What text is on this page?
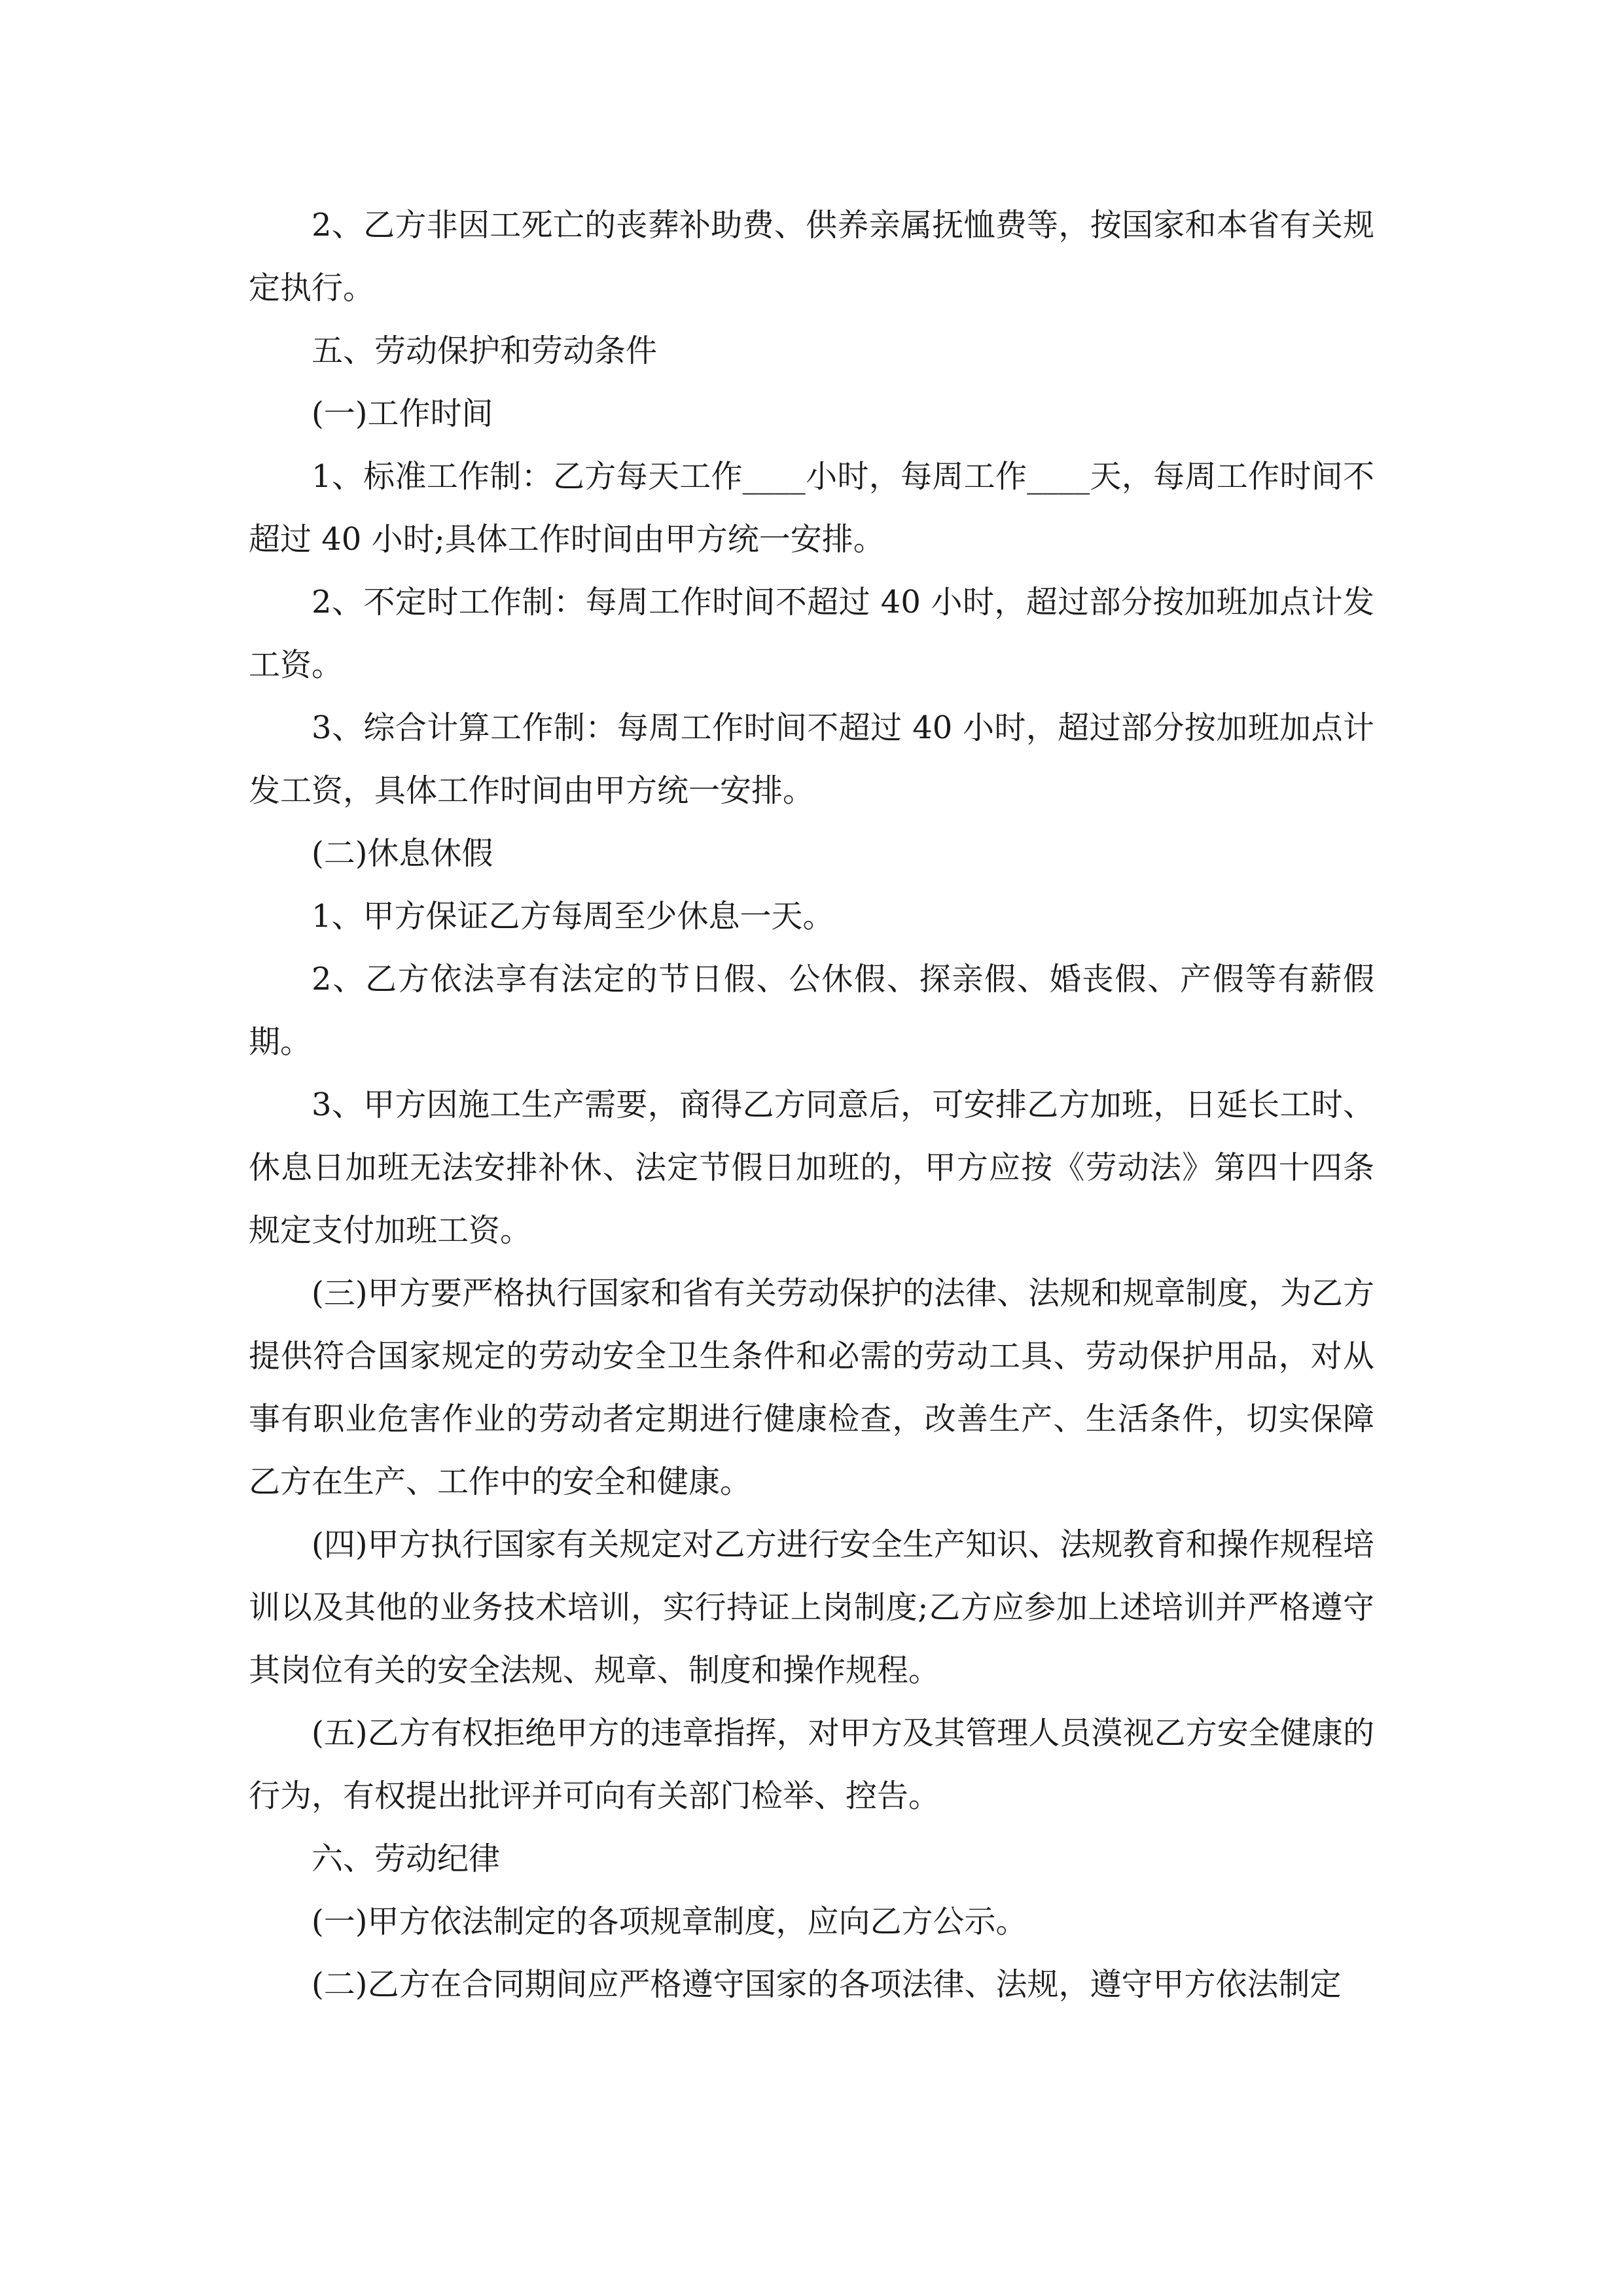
2、乙方非因工死亡的丧葬补助费、供养亲属抚恤费等，按国家和本省有关规定执行。

五、劳动保护和劳动条件

(一)工作时间

1、标准工作制：乙方每天工作____小时，每周工作____天，每周工作时间不超过 40 小时;具体工作时间由甲方统一安排。

2、不定时工作制：每周工作时间不超过 40 小时，超过部分按加班加点计发工资。

3、综合计算工作制：每周工作时间不超过 40 小时，超过部分按加班加点计发工资，具体工作时间由甲方统一安排。

(二)休息休假

1、甲方保证乙方每周至少休息一天。

2、乙方依法享有法定的节日假、公休假、探亲假、婚丧假、产假等有薪假期。

3、甲方因施工生产需要，商得乙方同意后，可安排乙方加班，日延长工时、休息日加班无法安排补休、法定节假日加班的，甲方应按《劳动法》第四十四条规定支付加班工资。

(三)甲方要严格执行国家和省有关劳动保护的法律、法规和规章制度，为乙方提供符合国家规定的劳动安全卫生条件和必需的劳动工具、劳动保护用品，对从事有职业危害作业的劳动者定期进行健康检查，改善生产、生活条件，切实保障乙方在生产、工作中的安全和健康。

(四)甲方执行国家有关规定对乙方进行安全生产知识、法规教育和操作规程培训以及其他的业务技术培训，实行持证上岗制度;乙方应参加上述培训并严格遵守其岗位有关的安全法规、规章、制度和操作规程。

(五)乙方有权拒绝甲方的违章指挥，对甲方及其管理人员漠视乙方安全健康的行为，有权提出批评并可向有关部门检举、控告。

六、劳动纪律

(一)甲方依法制定的各项规章制度，应向乙方公示。

(二)乙方在合同期间应严格遵守国家的各项法律、法规，遵守甲方依法制定
